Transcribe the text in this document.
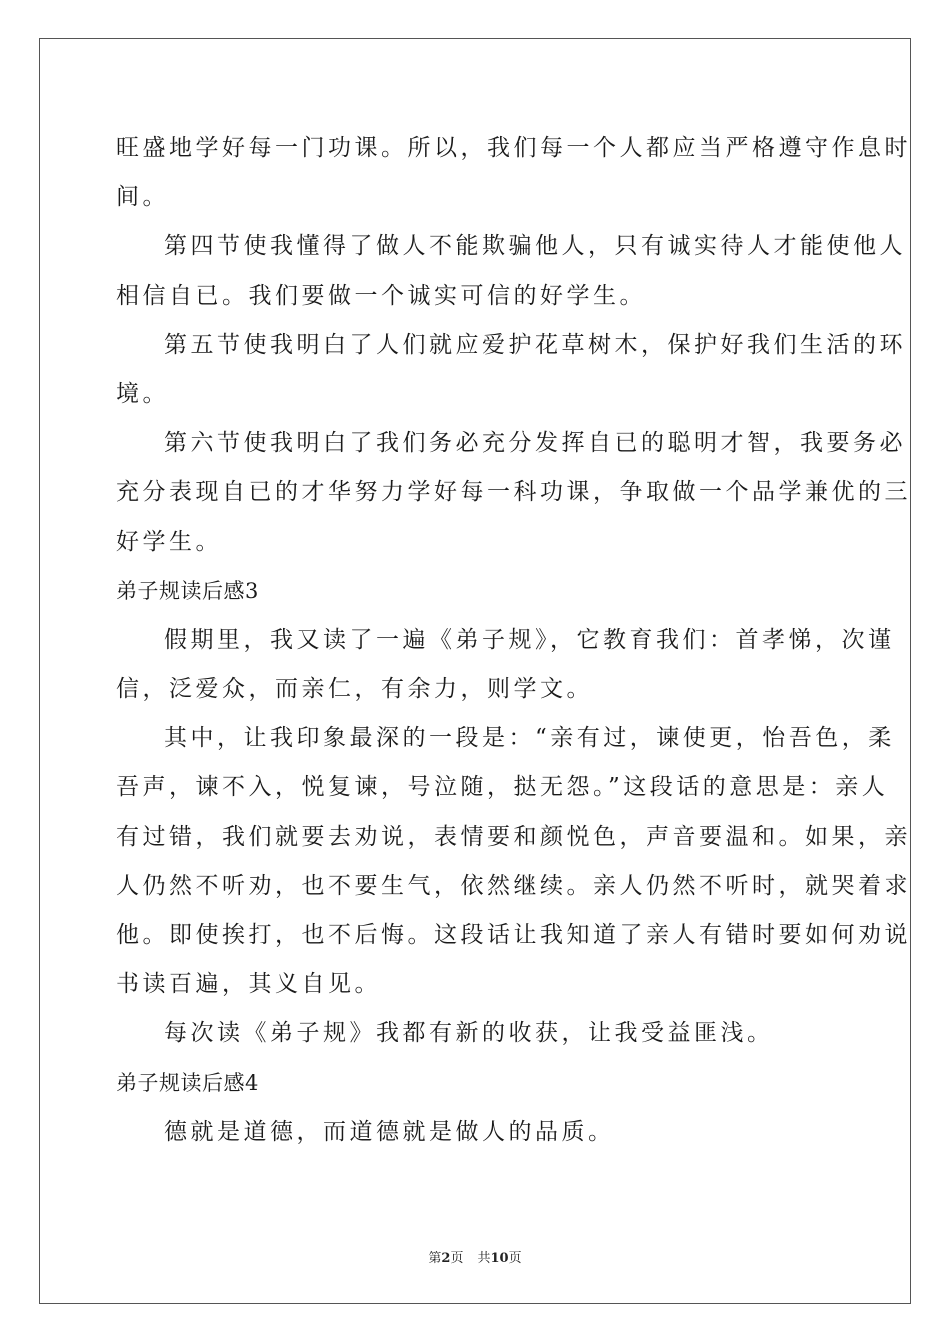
旺盛地学好每一门功课。所以，我们每一个人都应当严格遵守作息时
间。
第四节使我懂得了做人不能欺骗他人，只有诚实待人才能使他人
相信自已。我们要做一个诚实可信的好学生。
第五节使我明白了人们就应爱护花草树木，保护好我们生活的环
境。
第六节使我明白了我们务必充分发挥自已的聪明才智，我要务必
充分表现自已的才华努力学好每一科功课，争取做一个品学兼优的三
好学生。
弟子规读后感3
假期里，我又读了一遍《弟子规》，它教育我们：首孝悌，次谨
信，泛爱众，而亲仁，有余力，则学文。
其中，让我印象最深的一段是：“亲有过，谏使更，怡吾色，柔
吾声，谏不入，悦复谏，号泣随，挞无怨。”这段话的意思是：亲人
有过错，我们就要去劝说，表情要和颜悦色，声音要温和。如果，亲
人仍然不听劝，也不要生气，依然继续。亲人仍然不听时，就哭着求
他。即使挨打，也不后悔。这段话让我知道了亲人有错时要如何劝说
书读百遍，其义自见。
每次读《弟子规》我都有新的收获，让我受益匪浅。
弟子规读后感4
德就是道德，而道德就是做人的品质。
第2页 共10页
